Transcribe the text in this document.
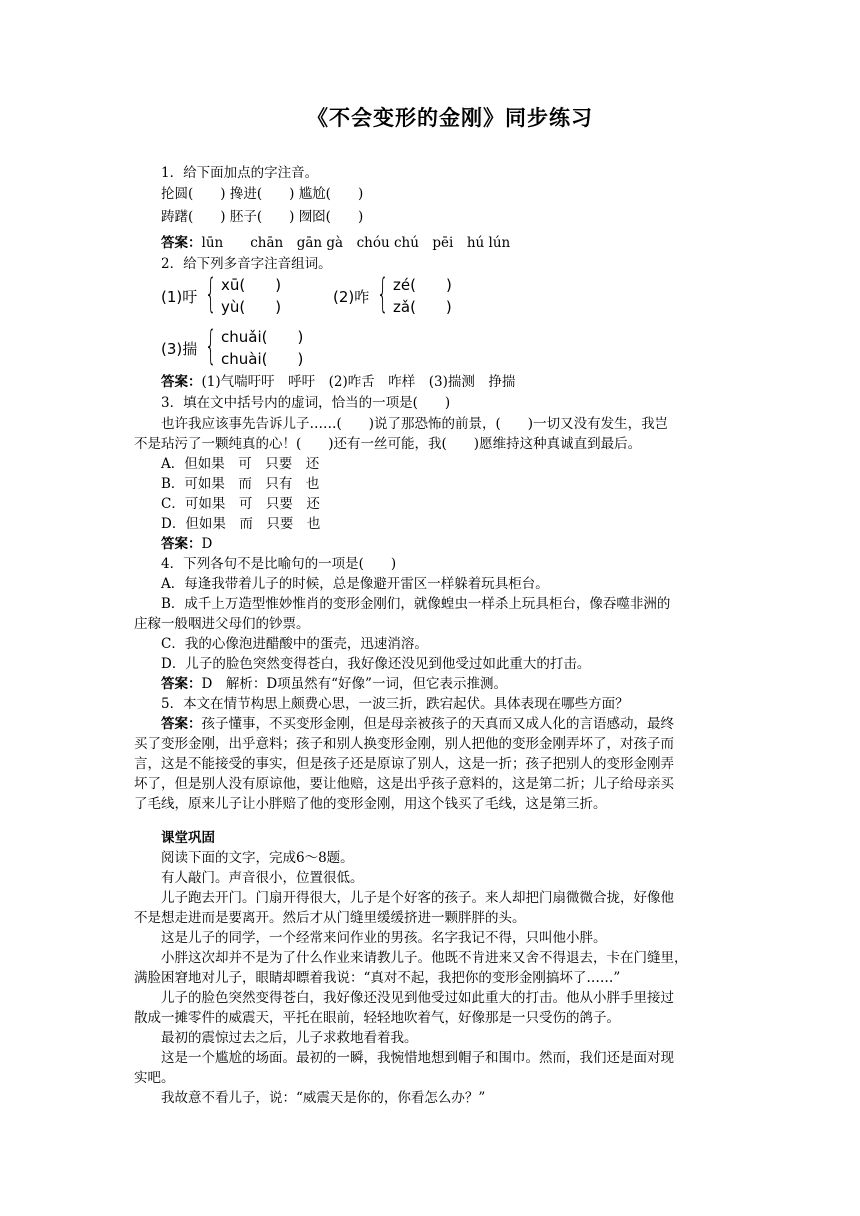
《不会变形的金刚》同步练习
1．给下面加点的字注音。
抡圆(　　) 搀进(　　) 尴尬(　　)
踌躇(　　) 胚子(　　) 囫囵(　　)
答案：lūn　　chān　gān gà　chóu chú　pēi　hú lún
2．给下列多音字注音组词。
(1)吁 { xū(　　)
yù(　　)
(2)咋 { zé(　　)
zǎ(　　)
(3)揣 { chuǎi(　　)
chuài(　　)
答案：(1)气喘吁吁　呼吁　(2)咋舌　咋样　(3)揣测　挣揣
3．填在文中括号内的虚词，恰当的一项是(　　)
也许我应该事先告诉儿子……(　　)说了那恐怖的前景，(　　)一切又没有发生，我岂
不是玷污了一颗纯真的心！(　　)还有一丝可能，我(　　)愿维持这种真诚直到最后。
A．但如果　可　只要　还
B．可如果　而　只有　也
C．可如果　可　只要　还
D．但如果　而　只要　也
答案：D
4．下列各句不是比喻句的一项是(　　)
A．每逢我带着儿子的时候，总是像避开雷区一样躲着玩具柜台。
B．成千上万造型惟妙惟肖的变形金刚们，就像蝗虫一样杀上玩具柜台，像吞噬非洲的
庄稼一般咽进父母们的钞票。
C．我的心像泡进醋酸中的蛋壳，迅速消溶。
D．儿子的脸色突然变得苍白，我好像还没见到他受过如此重大的打击。
答案：D　解析：D项虽然有“好像”一词，但它表示推测。
5．本文在情节构思上颇费心思，一波三折，跌宕起伏。具体表现在哪些方面？
答案：孩子懂事，不买变形金刚，但是母亲被孩子的天真而又成人化的言语感动，最终
买了变形金刚，出乎意料；孩子和别人换变形金刚，别人把他的变形金刚弄坏了，对孩子而
言，这是不能接受的事实，但是孩子还是原谅了别人，这是一折；孩子把别人的变形金刚弄
坏了，但是别人没有原谅他，要让他赔，这是出乎孩子意料的，这是第二折；儿子给母亲买
了毛线，原来儿子让小胖赔了他的变形金刚，用这个钱买了毛线，这是第三折。
课堂巩固
阅读下面的文字，完成6～8题。
有人敲门。声音很小，位置很低。
儿子跑去开门。门扇开得很大，儿子是个好客的孩子。来人却把门扇微微合拢，好像他
不是想走进而是要离开。然后才从门缝里缓缓挤进一颗胖胖的头。
这是儿子的同学，一个经常来问作业的男孩。名字我记不得，只叫他小胖。
小胖这次却并不是为了什么作业来请教儿子。他既不肯进来又舍不得退去，卡在门缝里，
满脸困窘地对儿子，眼睛却瞟着我说：“真对不起，我把你的变形金刚搞坏了……”
儿子的脸色突然变得苍白，我好像还没见到他受过如此重大的打击。他从小胖手里接过
散成一摊零件的威震天，平托在眼前，轻轻地吹着气，好像那是一只受伤的鸽子。
最初的震惊过去之后，儿子求救地看着我。
这是一个尴尬的场面。最初的一瞬，我惋惜地想到帽子和围巾。然而，我们还是面对现
实吧。
我故意不看儿子，说：“威震天是你的，你看怎么办？”
